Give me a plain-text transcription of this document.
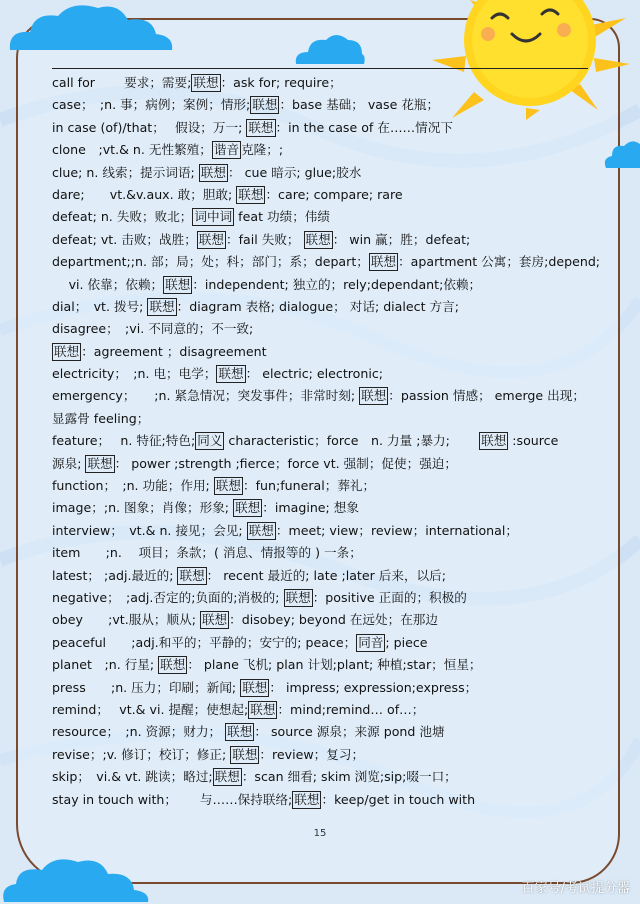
call for　　 要求；需要; 联想 ：ask for; require；
case；　;n. 事；病例；案例；情形; 联想 ：base 基础； vase 花瓶；
in case (of)/that；　 假设；万一; 联想 ：in the case of 在……情况下
clone　;vt.& n. 无性繁殖； 谐音 克隆；;
clue; n. 线索；提示词语; 联想 ： cue 暗示; glue;胶水
dare;　　vt.&v.aux. 敢；胆敢; 联想 ：care; compare; rare
defeat; n. 失败；败北； 词中词 feat 功绩；伟绩
defeat; vt. 击败；战胜； 联想 ：fail 失败； 联想 ： win 赢；胜；defeat;
department;;n. 部；局；处；科；部门；系；depart； 联想 ：apartment 公寓；套房;depend;
　 vi. 依靠；依赖； 联想 ：independent; 独立的；rely;dependant;依赖；
dial；　vt. 拨号; 联想 ：diagram 表格; dialogue； 对话; dialect 方言;
disagree；　;vi. 不同意的；不一致;
联想 ：agreement ；disagreement
electricity；　;n. 电；电学； 联想 ： electric; electronic;
emergency；　　;n. 紧急情况；突发事件；非常时刻; 联想 ：passion 情感； emerge 出现；
显露骨 feeling；
feature；　 n. 特征;特色; 同义 characteristic；force　n. 力量 ;暴力;　　 联想 :source
源泉; 联想 ： power ;strength ;fierce；force vt. 强制；促使；强迫；
function；　;n. 功能；作用; 联想 ：fun;funeral；葬礼；
image；;n. 图象；肖像；形象; 联想 ：imagine; 想象
interview；　vt.& n. 接见；会见; 联想 ：meet; view；review；international；
item　　;n.　 项目；条款；( 消息、情报等的 ) 一条；
latest； ;adj.最近的; 联想 ： recent 最近的; late ;later 后来，以后;
negative；　;adj.否定的;负面的;消极的; 联想 ：positive 正面的；积极的
obey　　;vt.服从；顺从; 联想 ：disobey; beyond 在远处；在那边
peaceful　　;adj.和平的；平静的；安宁的; peace； 同音 ; piece
planet　;n. 行星; 联想 ： plane 飞机; plan 计划;plant; 种植;star；恒星；
press　　;n. 压力；印刷；新闻; 联想 ： impress; expression;express；
remind；　 vt.& vi. 提醒；使想起; 联想 ：mind;remind… of…；
resource；　;n. 资源；财力； 联想 ： source 源泉；来源 pond 池塘
revise；;v. 修订；校订；修正; 联想 ：review；复习；
skip；　vi.& vt. 跳读；略过; 联想 ：scan 细看; skim 浏览;sip;啜一口；
stay in touch with；　　 与……保持联络; 联想 ：keep/get in touch with
15
百家号/考试提分器
